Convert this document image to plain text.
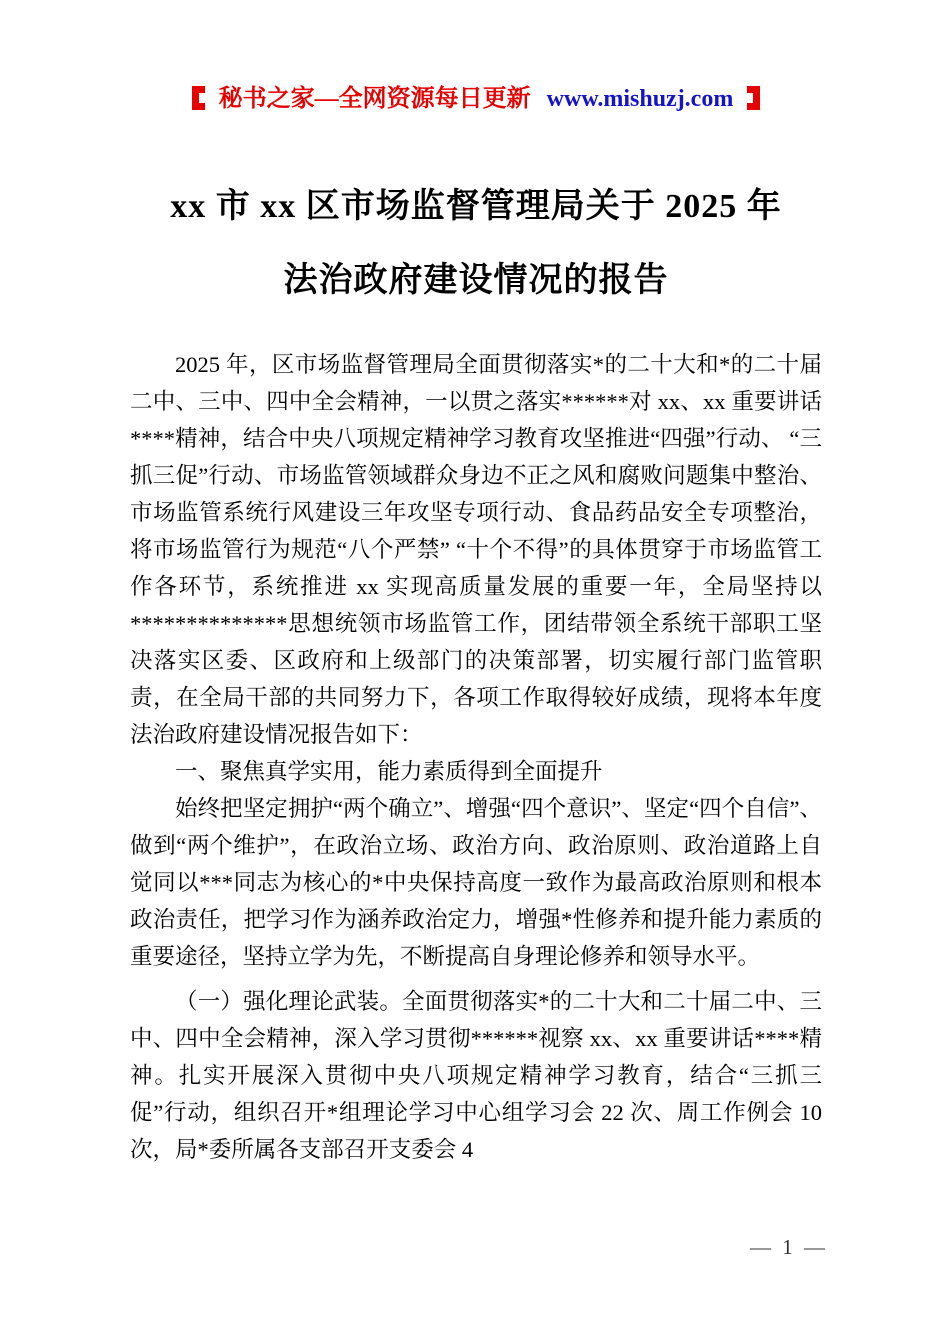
秘书之家—全网资源每日更新 www.mishuzj.com
xx 市 xx 区市场监督管理局关于 2025 年
法治政府建设情况的报告

2025 年，区市场监督管理局全面贯彻落实*的二十大和*的二十届二中、三中、四中全会精神，一以贯之落实******对 xx、xx 重要讲话****精神，结合中央八项规定精神学习教育攻坚推进“四强”行动、 “三抓三促”行动、市场监管领域群众身边不正之风和腐败问题集中整治、市场监管系统行风建设三年攻坚专项行动、食品药品安全专项整治，将市场监管行为规范“八个严禁” “十个不得”的具体贯穿于市场监管工作各环节，系统推进 xx 实现高质量发展的重要一年，全局坚持以**************思想统领市场监管工作，团结带领全系统干部职工坚决落实区委、区政府和上级部门的决策部署，切实履行部门监管职责，在全局干部的共同努力下，各项工作取得较好成绩，现将本年度法治政府建设情况报告如下：

一、聚焦真学实用，能力素质得到全面提升

始终把坚定拥护“两个确立”、增强“四个意识”、坚定“四个自信”、做到“两个维护”，在政治立场、政治方向、政治原则、政治道路上自觉同以***同志为核心的*中央保持高度一致作为最高政治原则和根本政治责任，把学习作为涵养政治定力，增强*性修养和提升能力素质的重要途径，坚持立学为先，不断提高自身理论修养和领导水平。

（一）强化理论武装。全面贯彻落实*的二十大和二十届二中、三中、四中全会精神，深入学习贯彻******视察 xx、xx 重要讲话****精神。扎实开展深入贯彻中央八项规定精神学习教育，结合“三抓三促”行动，组织召开*组理论学习中心组学习会 22 次、周工作例会 10 次，局*委所属各支部召开支委会 4

— 1 —
